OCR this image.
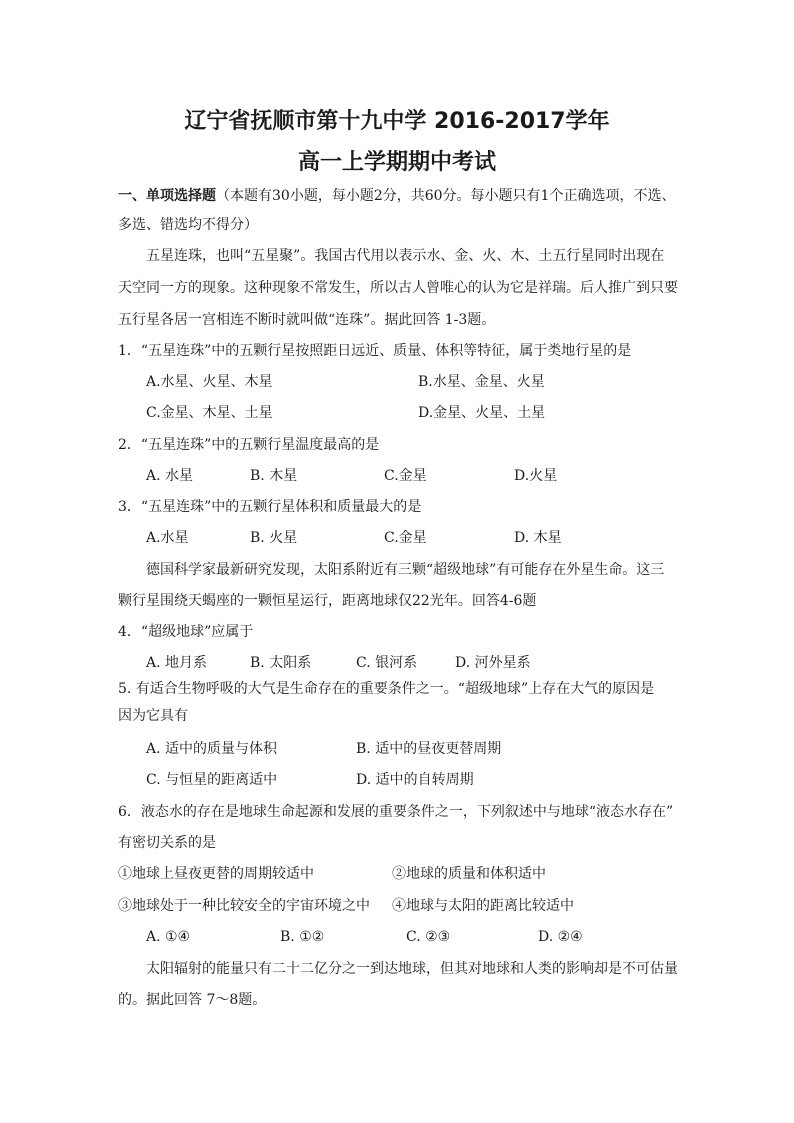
辽宁省抚顺市第十九中学 2016-2017学年
高一上学期期中考试
一、单项选择题（本题有30小题，每小题2分，共60分。每小题只有1个正确选项，不选、
多选、错选均不得分）
五星连珠，也叫“五星聚”。我国古代用以表示水、金、火、木、土五行星同时出现在
天空同一方的现象。这种现象不常发生，所以古人曾唯心的认为它是祥瑞。后人推广到只要
五行星各居一宫相连不断时就叫做“连珠”。据此回答 1-3题。
1．“五星连珠”中的五颗行星按照距日远近、质量、体积等特征，属于类地行星的是
A.水星、火星、木星	B.水星、金星、火星
C.金星、木星、土星	D.金星、火星、土星
2．“五星连珠”中的五颗行星温度最高的是
A. 水星	B. 木星	C.金星	D.火星
3．“五星连珠”中的五颗行星体积和质量最大的是
A.水星	B. 火星	C.金星	D. 木星
德国科学家最新研究发现，太阳系附近有三颗“超级地球”有可能存在外星生命。这三
颗行星围绕天蝎座的一颗恒星运行，距离地球仅22光年。回答4-6题
4．“超级地球”应属于
A. 地月系	B. 太阳系	C. 银河系	D. 河外星系
5. 有适合生物呼吸的大气是生命存在的重要条件之一。“超级地球”上存在大气的原因是
因为它具有
A. 适中的质量与体积	B. 适中的昼夜更替周期
C. 与恒星的距离适中	D. 适中的自转周期
6．液态水的存在是地球生命起源和发展的重要条件之一，下列叙述中与地球“液态水存在”
有密切关系的是
①地球上昼夜更替的周期较适中	②地球的质量和体积适中
③地球处于一种比较安全的宇宙环境之中 ④地球与太阳的距离比较适中
A. ①④	B. ①②	C. ②③	D. ②④
太阳辐射的能量只有二十二亿分之一到达地球，但其对地球和人类的影响却是不可估量
的。据此回答 7～8题。
